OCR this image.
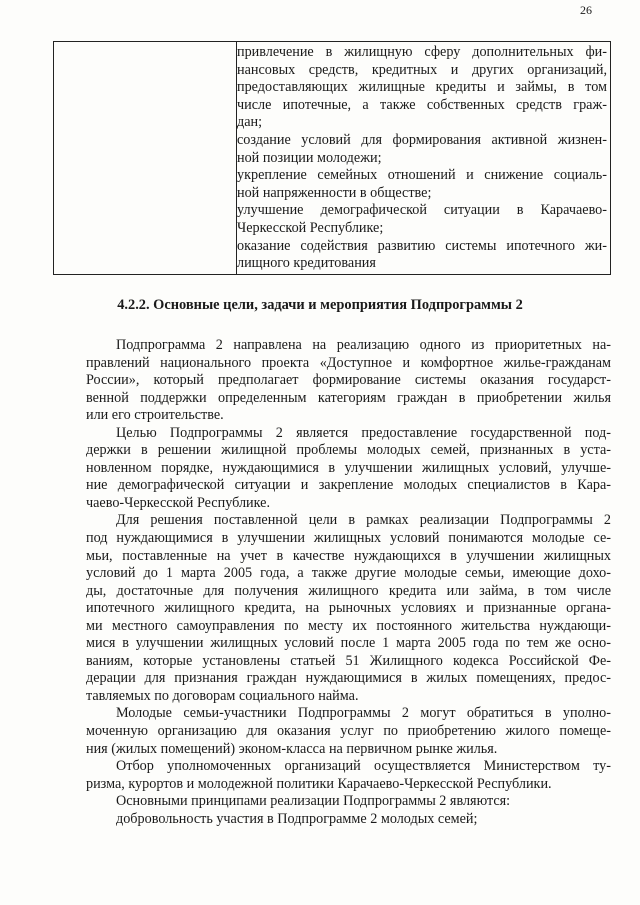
26
привлечение в жилищную сферу дополнительных фи-
нансовых средств, кредитных и других организаций,
предоставляющих жилищные кредиты и займы, в том
числе ипотечные, а также собственных средств граж-
дан;
создание условий для формирования активной жизнен-
ной позиции молодежи;
укрепление семейных отношений и снижение социаль-
ной напряженности в обществе;
улучшение демографической ситуации в Карачаево-
Черкесской Республике;
оказание содействия развитию системы ипотечного жи-
лищного кредитования
4.2.2. Основные цели, задачи и мероприятия Подпрограммы 2
Подпрограмма 2 направлена на реализацию одного из приоритетных на-
правлений национального проекта «Доступное и комфортное жилье-гражданам
России», который предполагает формирование системы оказания государст-
венной поддержки определенным категориям граждан в приобретении жилья
или его строительстве.
Целью Подпрограммы 2 является предоставление государственной под-
держки в решении жилищной проблемы молодых семей, признанных в уста-
новленном порядке, нуждающимися в улучшении жилищных условий, улучше-
ние демографической ситуации и закрепление молодых специалистов в Кара-
чаево-Черкесской Республике.
Для решения поставленной цели в рамках реализации Подпрограммы 2
под нуждающимися в улучшении жилищных условий понимаются молодые се-
мьи, поставленные на учет в качестве нуждающихся в улучшении жилищных
условий до 1 марта 2005 года, а также другие молодые семьи, имеющие дохо-
ды, достаточные для получения жилищного кредита или займа, в том числе
ипотечного жилищного кредита, на рыночных условиях и признанные органа-
ми местного самоуправления по месту их постоянного жительства нуждающи-
мися в улучшении жилищных условий после 1 марта 2005 года по тем же осно-
ваниям, которые установлены статьей 51 Жилищного кодекса Российской Фе-
дерации для признания граждан нуждающимися в жилых помещениях, предос-
тавляемых по договорам социального найма.
Молодые семьи-участники Подпрограммы 2 могут обратиться в уполно-
моченную организацию для оказания услуг по приобретению жилого помеще-
ния (жилых помещений) эконом-класса на первичном рынке жилья.
Отбор уполномоченных организаций осуществляется Министерством ту-
ризма, курортов и молодежной политики Карачаево-Черкесской Республики.
Основными принципами реализации Подпрограммы 2 являются:
добровольность участия в Подпрограмме 2 молодых семей;
